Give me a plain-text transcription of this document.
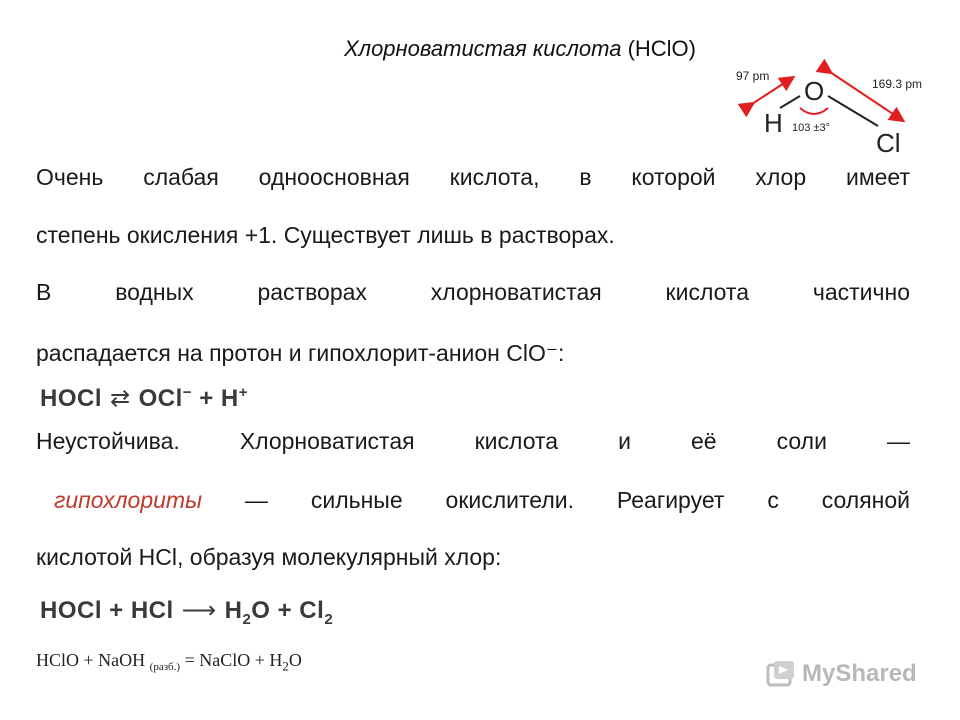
Хлорноватистая кислота (HClO)
O
H
Cl
97 pm
169.3 pm
103 ±3°
Очень слабая одноосновная кислота, в которой хлор имеет
степень окисления +1. Существует лишь в растворах.
В водных растворах хлорноватистая кислота частично
распадается на протон и гипохлорит-анион ClO⁻:
HOCl ⇄ OCl− + H+
Неустойчива. Хлорноватистая кислота и её соли —
гипохлориты — сильные окислители. Реагирует с соляной
кислотой HCl, образуя молекулярный хлор:
HOCl + HCl ⟶ $H_2O + Cl_2$
HClO + NaOH $_{(разб.)}$ = NaClO + $H_2O$	MyShared
